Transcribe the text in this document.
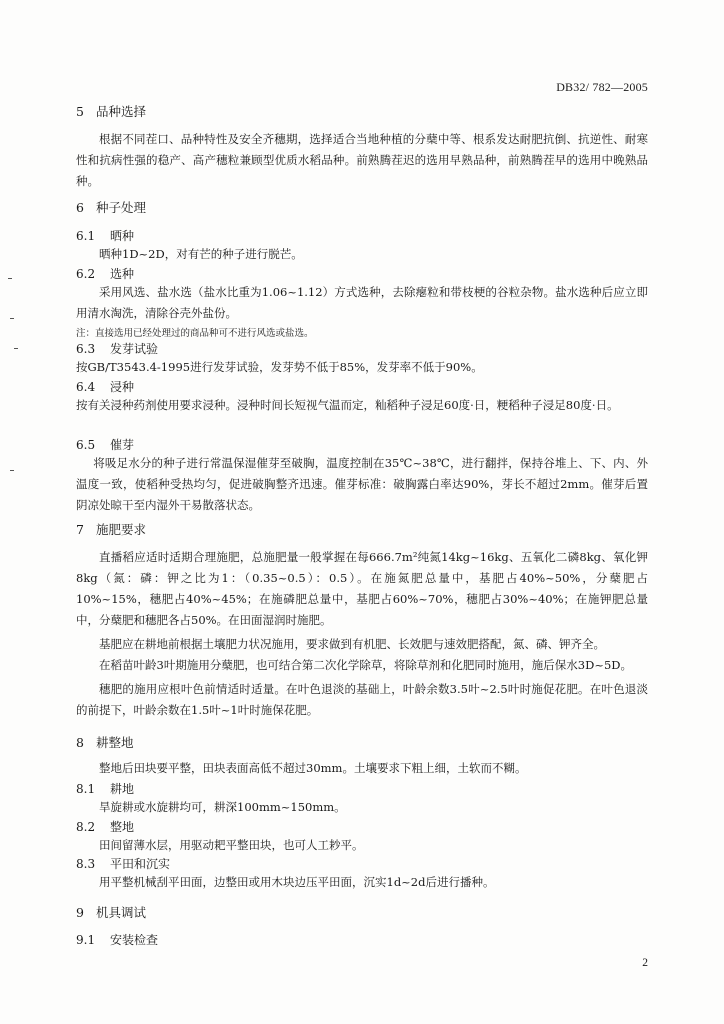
DB32/ 782—2005

5 品种选择

根据不同茬口、品种特性及安全齐穗期，选择适合当地种植的分蘖中等、根系发达耐肥抗倒、抗逆性、耐寒性和抗病性强的稳产、高产穗粒兼顾型优质水稻品种。前熟腾茬迟的选用早熟品种，前熟腾茬早的选用中晚熟品种。

6 种子处理

6.1 晒种

晒种1D~2D，对有芒的种子进行脱芒。

6.2 选种

采用风选、盐水选（盐水比重为1.06~1.12）方式选种，去除瘪粒和带枝梗的谷粒杂物。盐水选种后应立即用清水淘洗，清除谷壳外盐份。

注：直接选用已经处理过的商品种可不进行风选或盐选。

6.3 发芽试验

按GB/T3543.4-1995进行发芽试验，发芽势不低于85%，发芽率不低于90%。

6.4 浸种

按有关浸种药剂使用要求浸种。浸种时间长短视气温而定，籼稻种子浸足60度·日，粳稻种子浸足80度·日。

6.5 催芽

将吸足水分的种子进行常温保湿催芽至破胸，温度控制在35℃~38℃，进行翻拌，保持谷堆上、下、内、外温度一致，使稻种受热均匀，促进破胸整齐迅速。催芽标准：破胸露白率达90%，芽长不超过2mm。催芽后置阴凉处晾干至内湿外干易散落状态。

7 施肥要求

直播稻应适时适期合理施肥，总施肥量一般掌握在每666.7m²纯氮14kg~16kg、五氧化二磷8kg、氧化钾8kg（氮：磷：钾之比为1：（0.35~0.5）：0.5）。在施氮肥总量中，基肥占40%~50%，分蘖肥占10%~15%，穗肥占40%~45%；在施磷肥总量中，基肥占60%~70%，穗肥占30%~40%；在施钾肥总量中，分蘖肥和穗肥各占50%。在田面湿润时施肥。

基肥应在耕地前根据土壤肥力状况施用，要求做到有机肥、长效肥与速效肥搭配，氮、磷、钾齐全。

在稻苗叶龄3叶期施用分蘖肥，也可结合第二次化学除草，将除草剂和化肥同时施用，施后保水3D~5D。

穗肥的施用应根叶色前情适时适量。在叶色退淡的基础上，叶龄余数3.5叶~2.5叶时施促花肥。在叶色退淡的前提下，叶龄余数在1.5叶~1叶时施保花肥。

8 耕整地

整地后田块要平整，田块表面高低不超过30mm。土壤要求下粗上细，土软而不糊。

8.1 耕地

旱旋耕或水旋耕均可，耕深100mm~150mm。

8.2 整地

田间留薄水层，用驱动耙平整田块，也可人工耖平。

8.3 平田和沉实

用平整机械刮平田面，边整田或用木块边压平田面，沉实1d~2d后进行播种。

9 机具调试

9.1 安装检查

2
